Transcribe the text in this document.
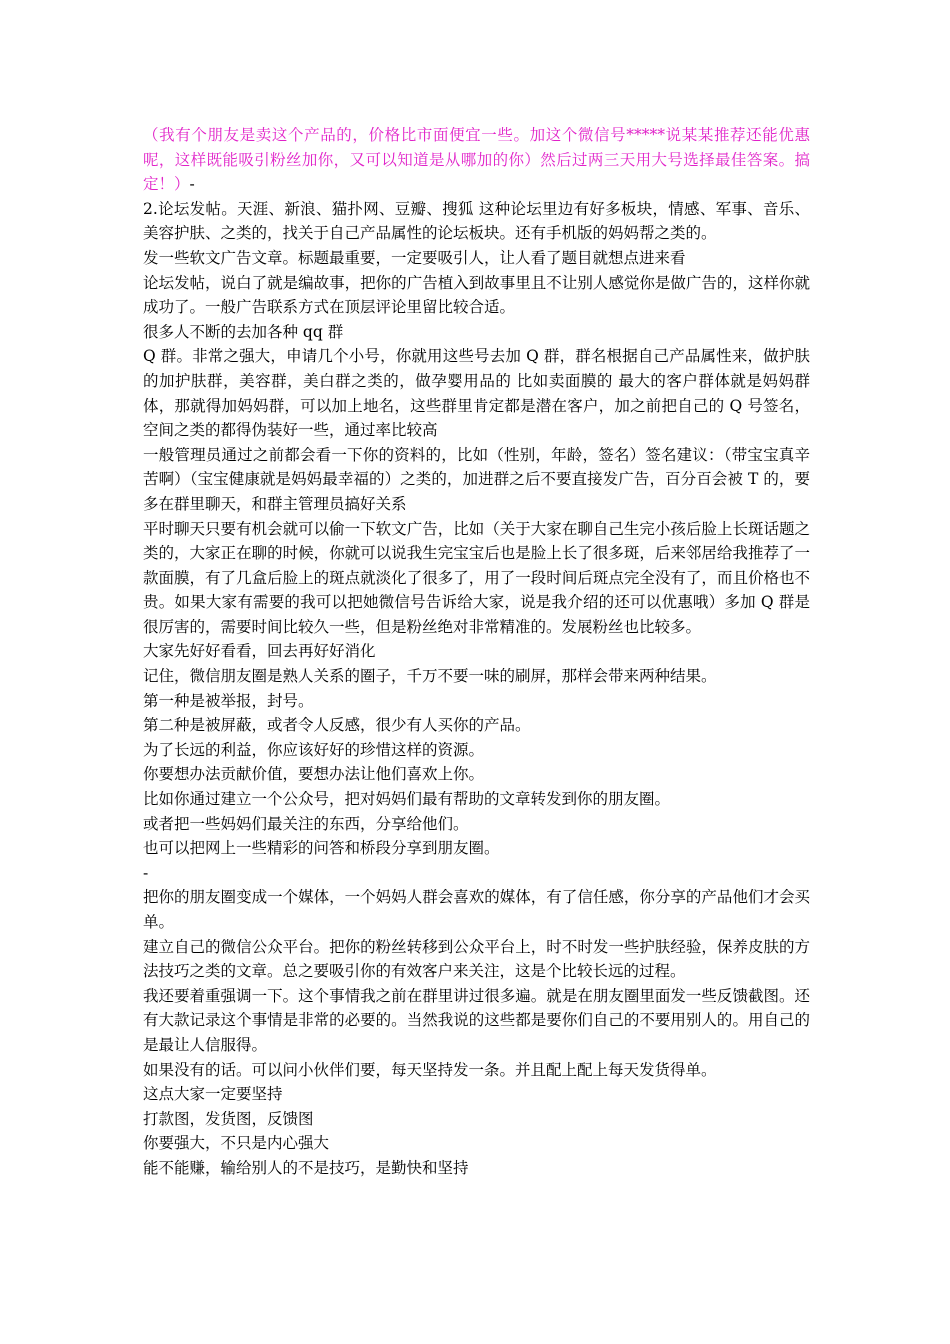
（我有个朋友是卖这个产品的，价格比市面便宜一些。加这个微信号*****说某某推荐还能优惠呢，这样既能吸引粉丝加你，又可以知道是从哪加的你）然后过两三天用大号选择最佳答案。搞定！）-

2.论坛发帖。天涯、新浪、猫扑网、豆瓣、搜狐 这种论坛里边有好多板块，情感、军事、音乐、美容护肤、之类的，找关于自己产品属性的论坛板块。还有手机版的妈妈帮之类的。

发一些软文广告文章。标题最重要，一定要吸引人，让人看了题目就想点进来看

论坛发帖，说白了就是编故事，把你的广告植入到故事里且不让别人感觉你是做广告的，这样你就成功了。一般广告联系方式在顶层评论里留比较合适。

很多人不断的去加各种 qq 群

Q 群。非常之强大，申请几个小号，你就用这些号去加 Q 群，群名根据自己产品属性来，做护肤的加护肤群，美容群，美白群之类的，做孕婴用品的 比如卖面膜的 最大的客户群体就是妈妈群体，那就得加妈妈群，可以加上地名，这些群里肯定都是潜在客户，加之前把自己的 Q 号签名，空间之类的都得伪装好一些，通过率比较高

一般管理员通过之前都会看一下你的资料的，比如（性别，年龄，签名）签名建议：（带宝宝真辛苦啊）（宝宝健康就是妈妈最幸福的）之类的，加进群之后不要直接发广告，百分百会被 T 的，要多在群里聊天，和群主管理员搞好关系

平时聊天只要有机会就可以偷一下软文广告，比如（关于大家在聊自己生完小孩后脸上长斑话题之类的，大家正在聊的时候，你就可以说我生完宝宝后也是脸上长了很多斑，后来邻居给我推荐了一款面膜，有了几盒后脸上的斑点就淡化了很多了，用了一段时间后斑点完全没有了，而且价格也不贵。如果大家有需要的我可以把她微信号告诉给大家，说是我介绍的还可以优惠哦）多加 Q 群是很厉害的，需要时间比较久一些，但是粉丝绝对非常精准的。发展粉丝也比较多。

大家先好好看看，回去再好好消化

记住，微信朋友圈是熟人关系的圈子，千万不要一味的刷屏，那样会带来两种结果。

第一种是被举报，封号。

第二种是被屏蔽，或者令人反感，很少有人买你的产品。

为了长远的利益，你应该好好的珍惜这样的资源。

你要想办法贡献价值，要想办法让他们喜欢上你。

比如你通过建立一个公众号，把对妈妈们最有帮助的文章转发到你的朋友圈。

或者把一些妈妈们最关注的东西，分享给他们。

也可以把网上一些精彩的问答和桥段分享到朋友圈。

-

把你的朋友圈变成一个媒体，一个妈妈人群会喜欢的媒体，有了信任感，你分享的产品他们才会买单。

建立自己的微信公众平台。把你的粉丝转移到公众平台上，时不时发一些护肤经验，保养皮肤的方法技巧之类的文章。总之要吸引你的有效客户来关注，这是个比较长远的过程。

我还要着重强调一下。这个事情我之前在群里讲过很多遍。就是在朋友圈里面发一些反馈截图。还有大款记录这个事情是非常的必要的。当然我说的这些都是要你们自己的不要用别人的。用自己的是最让人信服得。

如果没有的话。可以问小伙伴们要，每天坚持发一条。并且配上配上每天发货得单。

这点大家一定要坚持

打款图，发货图，反馈图

你要强大，不只是内心强大

能不能赚，输给别人的不是技巧，是勤快和坚持
